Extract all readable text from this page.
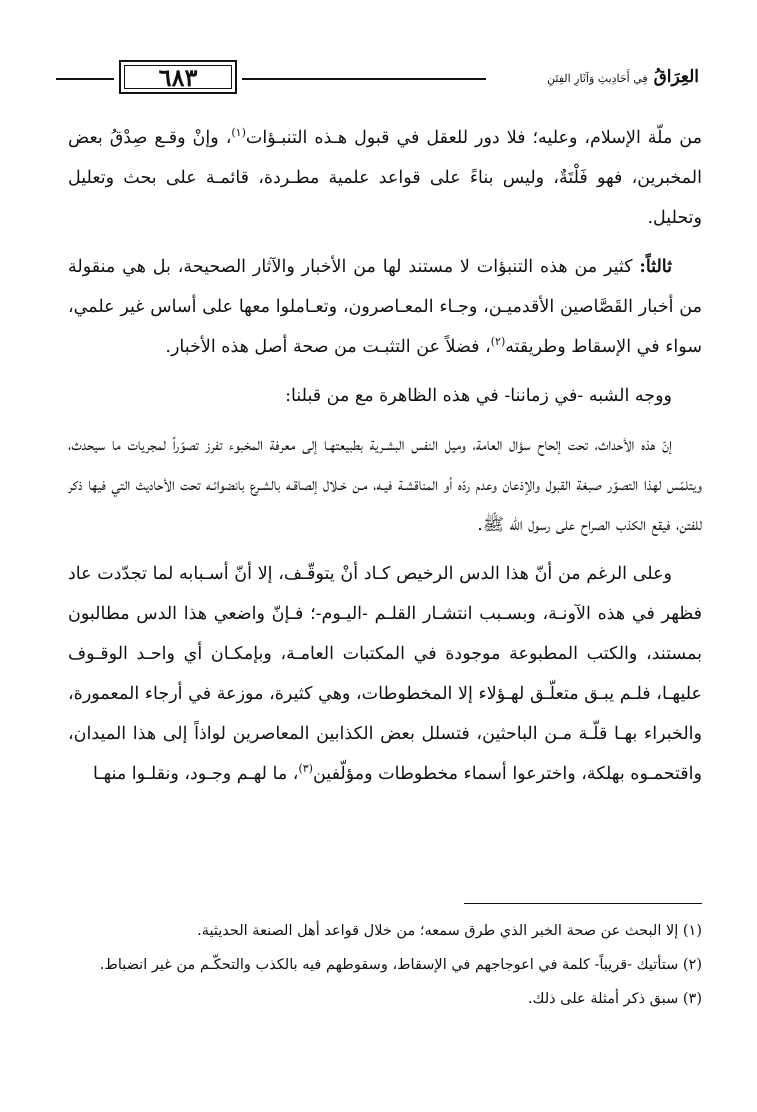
٦٨٣	العِرَاقُ فِي أَحَادِيثِ وَآثَارِ الفِتَنِ

من ملّة الإسلام، وعليه؛ فلا دور للعقل في قبول هـذه التنبـؤات$^{(١)}$، وإنْ وقـع صِدْقُ بعض المخبرين، فهو فَلْتَةٌ، وليس بناءً على قواعد علمية مطـردة، قائمـة على بحث وتعليل وتحليل.

ثالثاً: كثير من هذه التنبؤات لا مستند لها من الأخبار والآثار الصحيحة، بل هي منقولة من أخبار القَصَّاصين الأقدميـن، وجـاء المعـاصرون، وتعـاملوا معها على أساس غير علمي، سواء في الإسقاط وطريقته$^{(٢)}$، فضلاً عن التثبـت من صحة أصل هذه الأخبار.

ووجه الشبه -في زماننا- في هذه الظاهرة مع من قبلنا:

إنّ هذه الأحداث، تحت إلحاح سؤال العامة، وميل النفس البشـرية بطبيعتهـا إلى معرفة المخبوء تفرز تصوّراً لمجريات ما سيحدث، ويتلمّس لهذا التصوّر صبغة القبول والإذعان وعدم ردّه أو المناقشـة فيـه، مـن خـلال إلصاقـه بالشـرع بانضوائـه تحت الأحاديث التي فيها ذكر للفتن، فيقع الكذب الصراح على رسول الله ﷺ.

وعلى الرغم من أنّ هذا الدس الرخيص كـاد أنْ يتوقّـف، إلا أنّ أسـبابه لما تجدّدت عاد فظهر في هذه الآونـة، وبسـبب انتشـار القلـم -اليـوم-؛ فـإنّ واضعي هذا الدس مطالبون بمستند، والكتب المطبوعة موجودة في المكتبات العامـة، وبإمكـان أي واحـد الوقـوف عليهـا، فلـم يبـق متعلّـق لهـؤلاء إلا المخطوطات، وهي كثيرة، موزعة في أرجاء المعمورة، والخبراء بهـا قلّـة مـن الباحثين، فتسلل بعض الكذابين المعاصرين لواذاً إلى هذا الميدان، واقتحمـوه بهلكة، واخترعوا أسماء مخطوطات ومؤلّفين$^{(٣)}$، ما لهـم وجـود، ونقلـوا منهـا

(١) إلا البحث عن صحة الخبر الذي طرق سمعه؛ من خلال قواعد أهل الصنعة الحديثية.

(٢) ستأتيك -قريباً- كلمة في اعوجاجهم في الإسقاط، وسقوطهم فيه بالكذب والتحكّـم من غير انضباط.

(٣) سبق ذكر أمثلة على ذلك.
